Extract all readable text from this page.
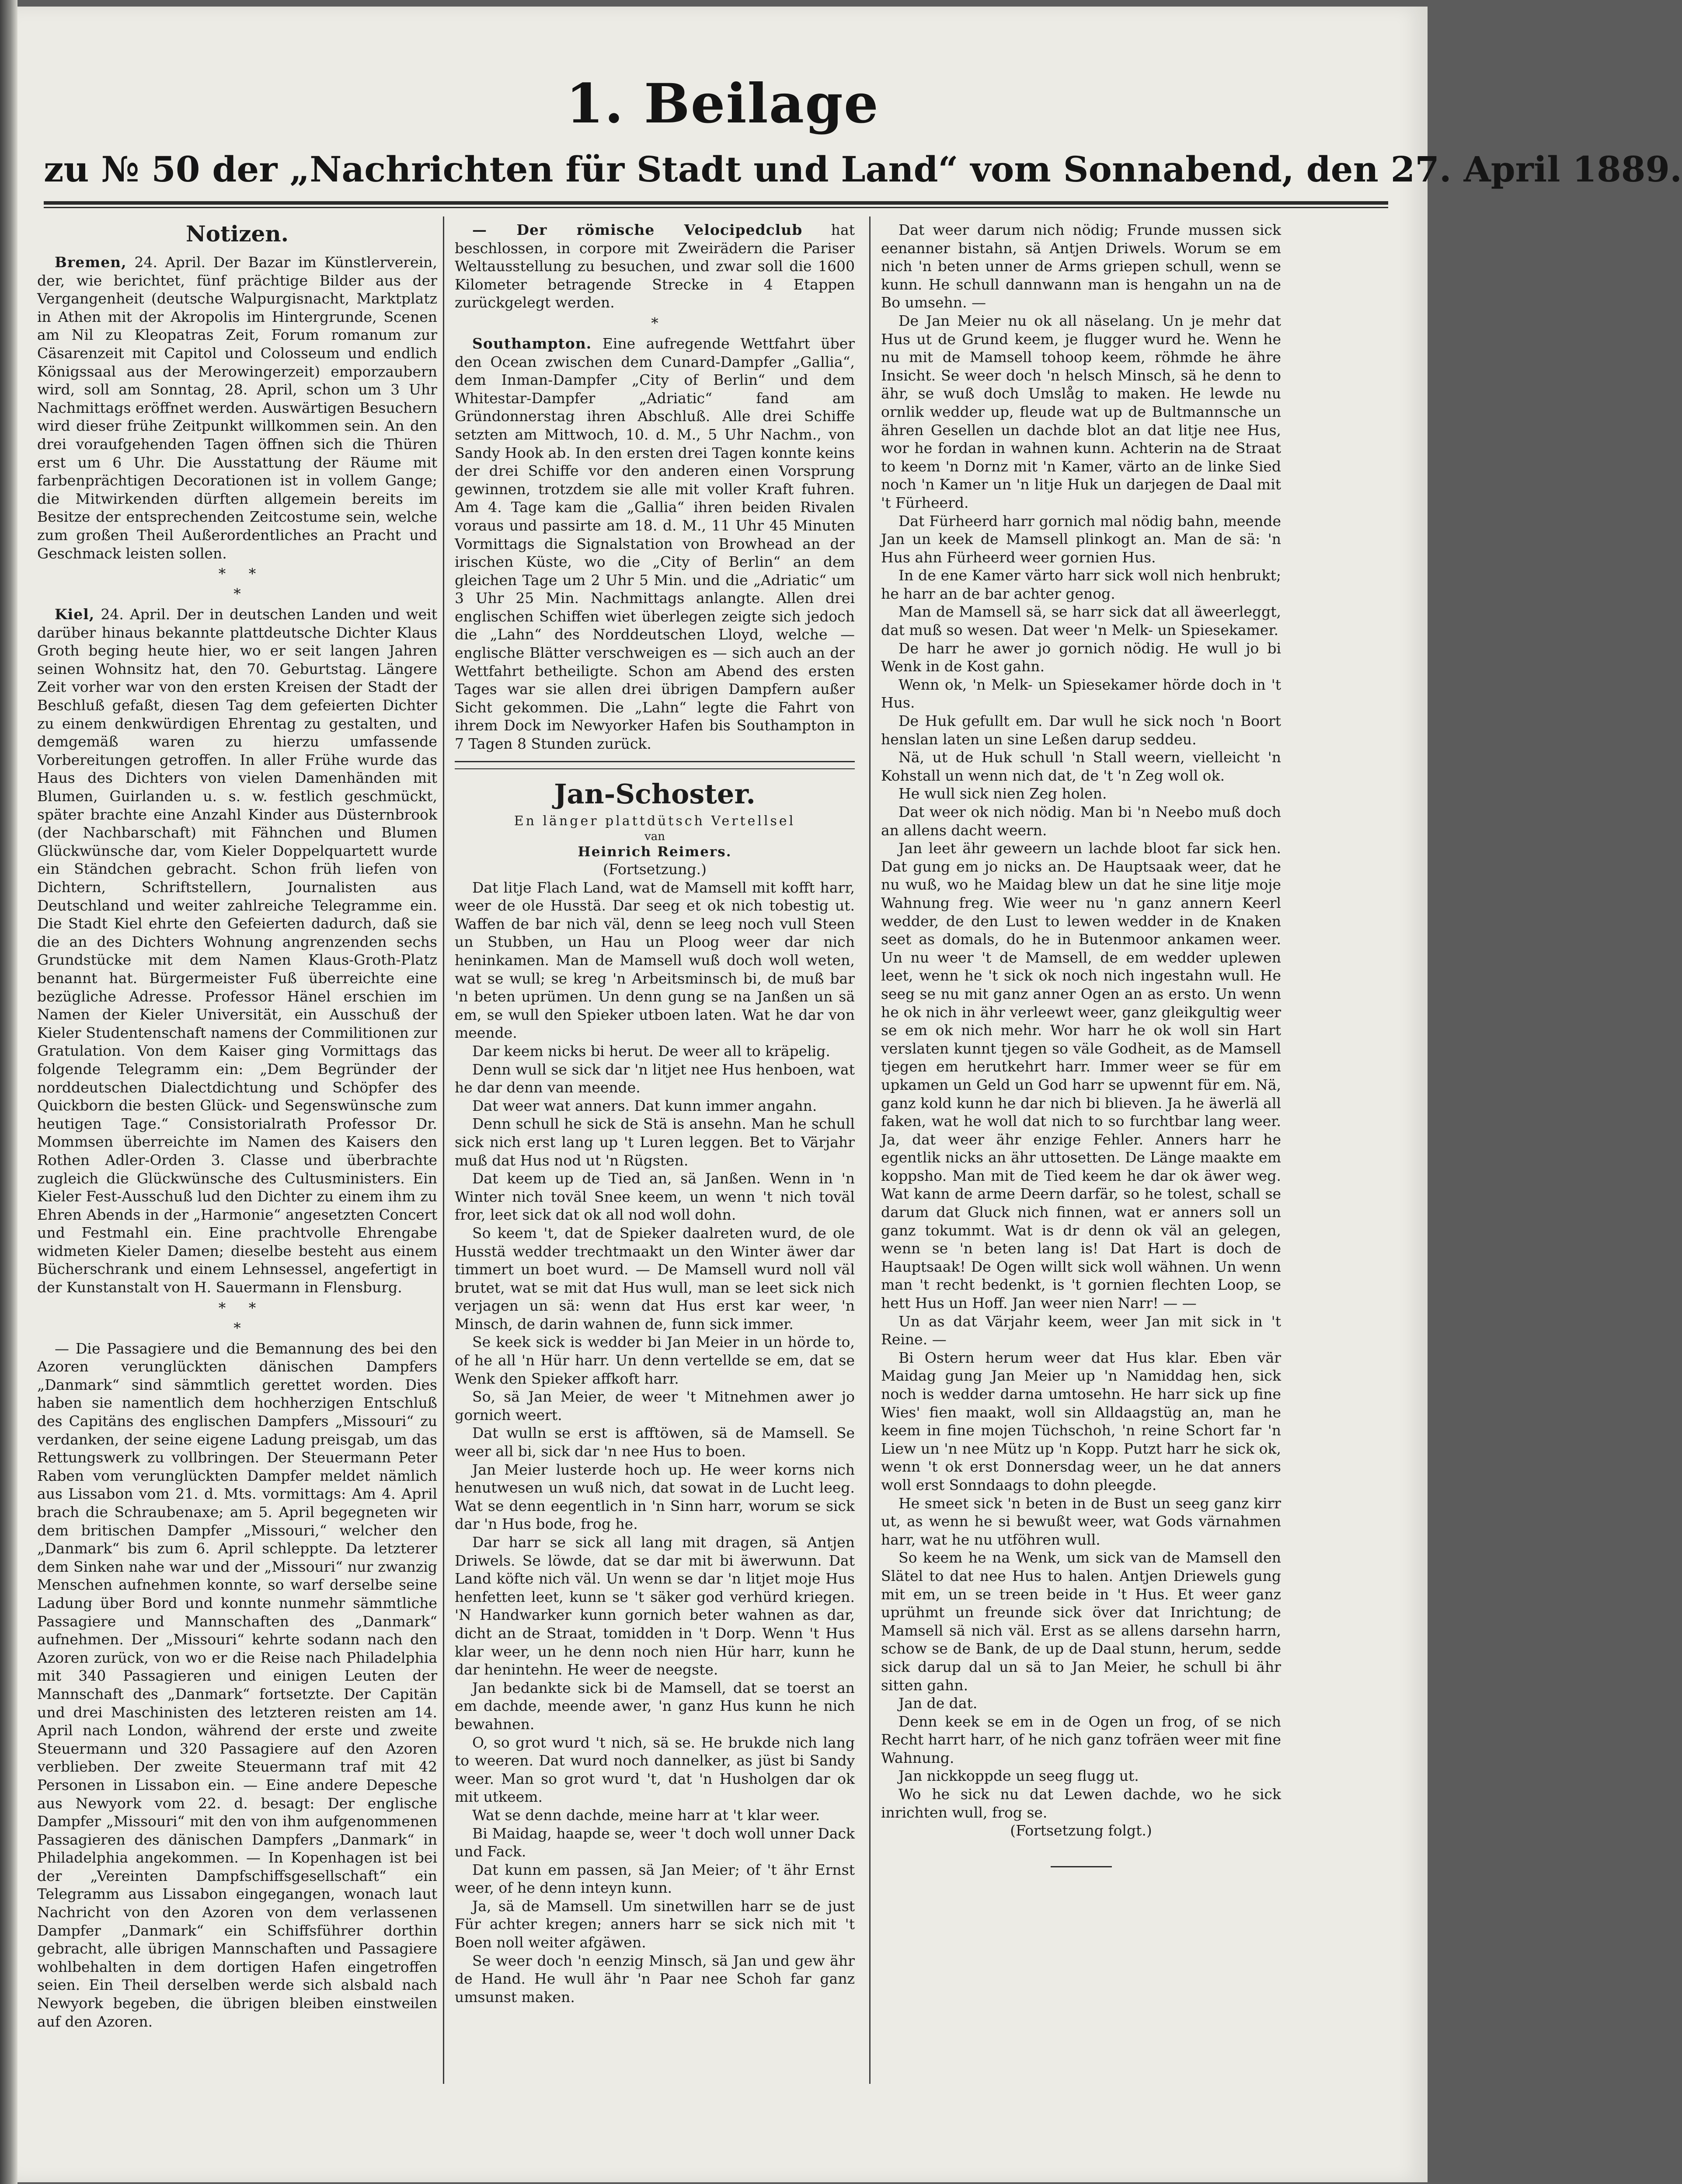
1. Beilage
zu № 50 der „Nachrichten für Stadt und Land“ vom Sonnabend, den 27. April 1889.
Notizen.

Bremen, 24. April. Der Bazar im Künstlerverein, der, wie berichtet, fünf prächtige Bilder aus der Vergangenheit (deutsche Walpurgisnacht, Marktplatz in Athen mit der Akropolis im Hintergrunde, Scenen am Nil zu Kleopatras Zeit, Forum romanum zur Cäsarenzeit mit Capitol und Colosseum und endlich Königssaal aus der Merowingerzeit) emporzaubern wird, soll am Sonntag, 28. April, schon um 3 Uhr Nachmittags eröffnet werden. Auswärtigen Besuchern wird dieser frühe Zeitpunkt willkommen sein. An den drei voraufgehenden Tagen öffnen sich die Thüren erst um 6 Uhr. Die Ausstattung der Räume mit farbenprächtigen Decorationen ist in vollem Gange; die Mitwirkenden dürften allgemein bereits im Besitze der entsprechenden Zeitcostume sein, welche zum großen Theil Außerordentliches an Pracht und Geschmack leisten sollen.

*     *
*

Kiel, 24. April. Der in deutschen Landen und weit darüber hinaus bekannte plattdeutsche Dichter Klaus Groth beging heute hier, wo er seit langen Jahren seinen Wohnsitz hat, den 70. Geburtstag. Längere Zeit vorher war von den ersten Kreisen der Stadt der Beschluß gefaßt, diesen Tag dem gefeierten Dichter zu einem denkwürdigen Ehrentag zu gestalten, und demgemäß waren zu hierzu umfassende Vorbereitungen getroffen. In aller Frühe wurde das Haus des Dichters von vielen Damenhänden mit Blumen, Guirlanden u. s. w. festlich geschmückt, später brachte eine Anzahl Kinder aus Düsternbrook (der Nachbarschaft) mit Fähnchen und Blumen Glückwünsche dar, vom Kieler Doppelquartett wurde ein Ständchen gebracht. Schon früh liefen von Dichtern, Schriftstellern, Journalisten aus Deutschland und weiter zahlreiche Telegramme ein. Die Stadt Kiel ehrte den Gefeierten dadurch, daß sie die an des Dichters Wohnung angrenzenden sechs Grundstücke mit dem Namen Klaus-Groth-Platz benannt hat. Bürgermeister Fuß überreichte eine bezügliche Adresse. Professor Hänel erschien im Namen der Kieler Universität, ein Ausschuß der Kieler Studentenschaft namens der Commilitionen zur Gratulation. Von dem Kaiser ging Vormittags das folgende Telegramm ein: „Dem Begründer der norddeutschen Dialectdichtung und Schöpfer des Quickborn die besten Glück- und Segenswünsche zum heutigen Tage.“ Consistorialrath Professor Dr. Mommsen überreichte im Namen des Kaisers den Rothen Adler-Orden 3. Classe und überbrachte zugleich die Glückwünsche des Cultusministers. Ein Kieler Fest-Ausschuß lud den Dichter zu einem ihm zu Ehren Abends in der „Harmonie“ angesetzten Concert und Festmahl ein. Eine prachtvolle Ehrengabe widmeten Kieler Damen; dieselbe besteht aus einem Bücherschrank und einem Lehnsessel, angefertigt in der Kunstanstalt von H. Sauermann in Flensburg.

*     *
*

— Die Passagiere und die Bemannung des bei den Azoren verunglückten dänischen Dampfers „Danmark“ sind sämmtlich gerettet worden. Dies haben sie namentlich dem hochherzigen Entschluß des Capitäns des englischen Dampfers „Missouri“ zu verdanken, der seine eigene Ladung preisgab, um das Rettungswerk zu vollbringen. Der Steuermann Peter Raben vom verunglückten Dampfer meldet nämlich aus Lissabon vom 21. d. Mts. vormittags: Am 4. April brach die Schraubenaxe; am 5. April begegneten wir dem britischen Dampfer „Missouri,“ welcher den „Danmark“ bis zum 6. April schleppte. Da letzterer dem Sinken nahe war und der „Missouri“ nur zwanzig Menschen aufnehmen konnte, so warf derselbe seine Ladung über Bord und konnte nunmehr sämmtliche Passagiere und Mannschaften des „Danmark“ aufnehmen. Der „Missouri“ kehrte sodann nach den Azoren zurück, von wo er die Reise nach Philadelphia mit 340 Passagieren und einigen Leuten der Mannschaft des „Danmark“ fortsetzte. Der Capitän und drei Maschinisten des letzteren reisten am 14. April nach London, während der erste und zweite Steuermann und 320 Passagiere auf den Azoren verblieben. Der zweite Steuermann traf mit 42 Personen in Lissabon ein. — Eine andere Depesche aus Newyork vom 22. d. besagt: Der englische Dampfer „Missouri“ mit den von ihm aufgenommenen Passagieren des dänischen Dampfers „Danmark“ in Philadelphia angekommen. — In Kopenhagen ist bei der „Vereinten Dampfschiffsgesellschaft“ ein Telegramm aus Lissabon eingegangen, wonach laut Nachricht von den Azoren von dem verlassenen Dampfer „Danmark“ ein Schiffsführer dorthin gebracht, alle übrigen Mannschaften und Passagiere wohlbehalten in dem dortigen Hafen eingetroffen seien. Ein Theil derselben werde sich alsbald nach Newyork begeben, die übrigen bleiben einstweilen auf den Azoren.

— Der römische Velocipedclub hat beschlossen, in corpore mit Zweirädern die Pariser Weltausstellung zu besuchen, und zwar soll die 1600 Kilometer betragende Strecke in 4 Etappen zurückgelegt werden.

*

Southampton. Eine aufregende Wettfahrt über den Ocean zwischen dem Cunard-Dampfer „Gallia“, dem Inman-Dampfer „City of Berlin“ und dem Whitestar-Dampfer „Adriatic“ fand am Gründonnerstag ihren Abschluß. Alle drei Schiffe setzten am Mittwoch, 10. d. M., 5 Uhr Nachm., von Sandy Hook ab. In den ersten drei Tagen konnte keins der drei Schiffe vor den anderen einen Vorsprung gewinnen, trotzdem sie alle mit voller Kraft fuhren. Am 4. Tage kam die „Gallia“ ihren beiden Rivalen voraus und passirte am 18. d. M., 11 Uhr 45 Minuten Vormittags die Signalstation von Browhead an der irischen Küste, wo die „City of Berlin“ an dem gleichen Tage um 2 Uhr 5 Min. und die „Adriatic“ um 3 Uhr 25 Min. Nachmittags anlangte. Allen drei englischen Schiffen wiet überlegen zeigte sich jedoch die „Lahn“ des Norddeutschen Lloyd, welche — englische Blätter verschweigen es — sich auch an der Wettfahrt betheiligte. Schon am Abend des ersten Tages war sie allen drei übrigen Dampfern außer Sicht gekommen. Die „Lahn“ legte die Fahrt von ihrem Dock im Newyorker Hafen bis Southampton in 7 Tagen 8 Stunden zurück.

Jan-Schoster.
En länger plattdütsch Vertellsel
van
Heinrich Reimers.
(Fortsetzung.)

Dat litje Flach Land, wat de Mamsell mit kofft harr, weer de ole Husstä. Dar seeg et ok nich tobestig ut. Waffen de bar nich väl, denn se leeg noch vull Steen un Stubben, un Hau un Ploog weer dar nich heninkamen. Man de Mamsell wuß doch woll weten, wat se wull; se kreg 'n Arbeitsminsch bi, de muß bar 'n beten uprümen. Un denn gung se na Janßen un sä em, se wull den Spieker utboen laten. Wat he dar von meende.

Dar keem nicks bi herut. De weer all to kräpelig.

Denn wull se sick dar 'n litjet nee Hus henboen, wat he dar denn van meende.

Dat weer wat anners. Dat kunn immer angahn.

Denn schull he sick de Stä is ansehn. Man he schull sick nich erst lang up 't Luren leggen. Bet to Värjahr muß dat Hus nod ut 'n Rügsten.

Dat keem up de Tied an, sä Janßen. Wenn in 'n Winter nich toväl Snee keem, un wenn 't nich toväl fror, leet sick dat ok all nod woll dohn.

So keem 't, dat de Spieker daalreten wurd, de ole Husstä wedder trechtmaakt un den Winter äwer dar timmert un boet wurd. — De Mamsell wurd noll väl brutet, wat se mit dat Hus wull, man se leet sick nich verjagen un sä: wenn dat Hus erst kar weer, 'n Minsch, de darin wahnen de, funn sick immer.

Se keek sick is wedder bi Jan Meier in un hörde to, of he all 'n Hür harr. Un denn vertellde se em, dat se Wenk den Spieker affkoft harr.

So, sä Jan Meier, de weer 't Mitnehmen awer jo gornich weert.

Dat wulln se erst is afftöwen, sä de Mamsell. Se weer all bi, sick dar 'n nee Hus to boen.

Jan Meier lusterde hoch up. He weer korns nich henutwesen un wuß nich, dat sowat in de Lucht leeg. Wat se denn eegentlich in 'n Sinn harr, worum se sick dar 'n Hus bode, frog he.

Dar harr se sick all lang mit dragen, sä Antjen Driwels. Se löwde, dat se dar mit bi äwerwunn. Dat Land köfte nich väl. Un wenn se dar 'n litjet moje Hus henfetten leet, kunn se 't säker god verhürd kriegen. 'N Handwarker kunn gornich beter wahnen as dar, dicht an de Straat, tomidden in 't Dorp. Wenn 't Hus klar weer, un he denn noch nien Hür harr, kunn he dar henintehn. He weer de neegste.

Jan bedankte sick bi de Mamsell, dat se toerst an em dachde, meende awer, 'n ganz Hus kunn he nich bewahnen.

O, so grot wurd 't nich, sä se. He brukde nich lang to weeren. Dat wurd noch dannelker, as jüst bi Sandy weer. Man so grot wurd 't, dat 'n Husholgen dar ok mit utkeem.

Wat se denn dachde, meine harr at 't klar weer.

Bi Maidag, haapde se, weer 't doch woll unner Dack und Fack.

Dat kunn em passen, sä Jan Meier; of 't ähr Ernst weer, of he denn inteyn kunn.

Ja, sä de Mamsell. Um sinetwillen harr se de just Für achter kregen; anners harr se sick nich mit 't Boen noll weiter afgäwen.

Se weer doch 'n eenzig Minsch, sä Jan und gew ähr de Hand. He wull ähr 'n Paar nee Schoh far ganz umsunst maken.

Dat weer darum nich nödig; Frunde mussen sick eenanner bistahn, sä Antjen Driwels. Worum se em nich 'n beten unner de Arms griepen schull, wenn se kunn. He schull dannwann man is hengahn un na de Bo umsehn. —

De Jan Meier nu ok all näselang. Un je mehr dat Hus ut de Grund keem, je flugger wurd he. Wenn he nu mit de Mamsell tohoop keem, röhmde he ähre Insicht. Se weer doch 'n helsch Minsch, sä he denn to ähr, se wuß doch Umslåg to maken. He lewde nu ornlik wedder up, fleude wat up de Bultmannsche un ähren Gesellen un dachde blot an dat litje nee Hus, wor he fordan in wahnen kunn. Achterin na de Straat to keem 'n Dornz mit 'n Kamer, värto an de linke Sied noch 'n Kamer un 'n litje Huk un darjegen de Daal mit 't Fürheerd.

Dat Fürheerd harr gornich mal nödig bahn, meende Jan un keek de Mamsell plinkogt an. Man de sä: 'n Hus ahn Fürheerd weer gornien Hus.

In de ene Kamer värto harr sick woll nich henbrukt; he harr an de bar achter genog.

Man de Mamsell sä, se harr sick dat all äweerleggt, dat muß so wesen. Dat weer 'n Melk- un Spiesekamer.

De harr he awer jo gornich nödig. He wull jo bi Wenk in de Kost gahn.

Wenn ok, 'n Melk- un Spiesekamer hörde doch in 't Hus.

De Huk gefullt em. Dar wull he sick noch 'n Boort henslan laten un sine Leßen darup seddeu.

Nä, ut de Huk schull 'n Stall weern, vielleicht 'n Kohstall un wenn nich dat, de 't 'n Zeg woll ok.

He wull sick nien Zeg holen.

Dat weer ok nich nödig. Man bi 'n Neebo muß doch an allens dacht weern.

Jan leet ähr geweern un lachde bloot far sick hen. Dat gung em jo nicks an. De Hauptsaak weer, dat he nu wuß, wo he Maidag blew un dat he sine litje moje Wahnung freg. Wie weer nu 'n ganz annern Keerl wedder, de den Lust to lewen wedder in de Knaken seet as domals, do he in Butenmoor ankamen weer. Un nu weer 't de Mamsell, de em wedder uplewen leet, wenn he 't sick ok noch nich ingestahn wull. He seeg se nu mit ganz anner Ogen an as ersto. Un wenn he ok nich in ähr verleewt weer, ganz gleikgultig weer se em ok nich mehr. Wor harr he ok woll sin Hart verslaten kunnt tjegen so väle Godheit, as de Mamsell tjegen em herutkehrt harr. Immer weer se für em upkamen un Geld un God harr se upwennt für em. Nä, ganz kold kunn he dar nich bi blieven. Ja he äwerlä all faken, wat he woll dat nich to so furchtbar lang weer. Ja, dat weer ähr enzige Fehler. Anners harr he egentlik nicks an ähr uttosetten. De Länge maakte em koppsho. Man mit de Tied keem he dar ok äwer weg. Wat kann de arme Deern darfär, so he tolest, schall se darum dat Gluck nich finnen, wat er anners soll un ganz tokummt. Wat is dr denn ok väl an gelegen, wenn se 'n beten lang is! Dat Hart is doch de Hauptsaak! De Ogen willt sick woll wähnen. Un wenn man 't recht bedenkt, is 't gornien flechten Loop, se hett Hus un Hoff. Jan weer nien Narr! — —

Un as dat Värjahr keem, weer Jan mit sick in 't Reine. —

Bi Ostern herum weer dat Hus klar. Eben vär Maidag gung Jan Meier up 'n Namiddag hen, sick noch is wedder darna umtosehn. He harr sick up fine Wies' fien maakt, woll sin Alldaagstüg an, man he keem in fine mojen Tüchschoh, 'n reine Schort far 'n Liew un 'n nee Mütz up 'n Kopp. Putzt harr he sick ok, wenn 't ok erst Donnersdag weer, un he dat anners woll erst Sonndaags to dohn pleegde.

He smeet sick 'n beten in de Bust un seeg ganz kirr ut, as wenn he si bewußt weer, wat Gods värnahmen harr, wat he nu utföhren wull.

So keem he na Wenk, um sick van de Mamsell den Slätel to dat nee Hus to halen. Antjen Driewels gung mit em, un se treen beide in 't Hus. Et weer ganz uprühmt un freunde sick över dat Inrichtung; de Mamsell sä nich väl. Erst as se allens darsehn harrn, schow se de Bank, de up de Daal stunn, herum, sedde sick darup dal un sä to Jan Meier, he schull bi ähr sitten gahn.

Jan de dat.

Denn keek se em in de Ogen un frog, of se nich Recht harrt harr, of he nich ganz tofräen weer mit fine Wahnung.

Jan nickkoppde un seeg flugg ut.

Wo he sick nu dat Lewen dachde, wo he sick inrichten wull, frog se.

(Fortsetzung folgt.)
